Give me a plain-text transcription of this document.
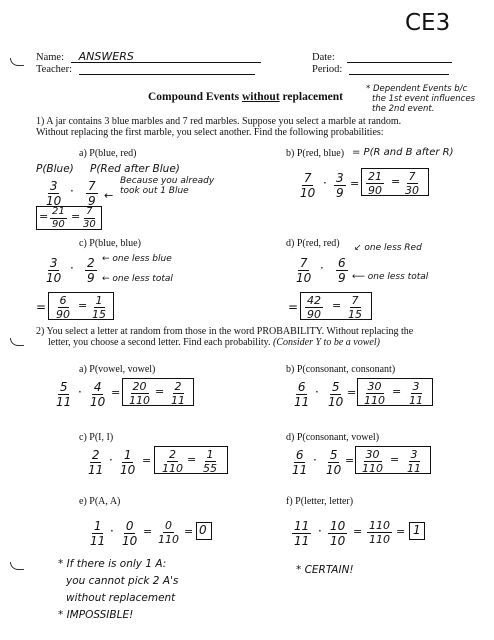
CE3
Name: ANSWERS
Teacher:
Date:
Period:
Compound Events without replacement
* Dependent Events b/c
the 1st event influences
the 2nd event.
1) A jar contains 3 blue marbles and 7 red marbles. Suppose you select a marble at random.
Without replacing the first marble, you select another. Find the following probabilities:
a) P(blue, red)
P(Blue) P(Red after Blue)
$\frac{3}{10} \cdot \frac{7}{9}$ ←
Because you already
took out 1 Blue
= $\frac{21}{90} = \frac{7}{30}$
b) P(red, blue) = P(R and B after R)
$\frac{7}{10} \cdot \frac{3}{9} = \frac{21}{90} = \frac{7}{30}$
c) P(blue, blue)
$\frac{3}{10} \cdot \frac{2}{9}$ ← one less blue
← one less total
= $\frac{6}{90} = \frac{1}{15}$
d) P(red, red) ↙ one less Red
$\frac{7}{10} \cdot \frac{6}{9}$ ⟵ one less total
= $\frac{42}{90} = \frac{7}{15}$
2) You select a letter at random from those in the word PROBABILITY. Without replacing the
letter, you choose a second letter. Find each probability. (Consider Y to be a vowel)
a) P(vowel, vowel)
$\frac{5}{11} \cdot \frac{4}{10} = \frac{20}{110} = \frac{2}{11}$
b) P(consonant, consonant)
$\frac{6}{11} \cdot \frac{5}{10} = \frac{30}{110} = \frac{3}{11}$
c) P(I, I)
$\frac{2}{11} \cdot \frac{1}{10} = \frac{2}{110} = \frac{1}{55}$
d) P(consonant, vowel)
$\frac{6}{11} \cdot \frac{5}{10} = \frac{30}{110} = \frac{3}{11}$
e) P(A, A)
$\frac{1}{11} \cdot \frac{0}{10} = \frac{0}{110} = 0$
* If there is only 1 A:
you cannot pick 2 A's
without replacement
* IMPOSSIBLE!
f) P(letter, letter)
$\frac{11}{11} \cdot \frac{10}{10} = \frac{110}{110} = 1$
* CERTAIN!
